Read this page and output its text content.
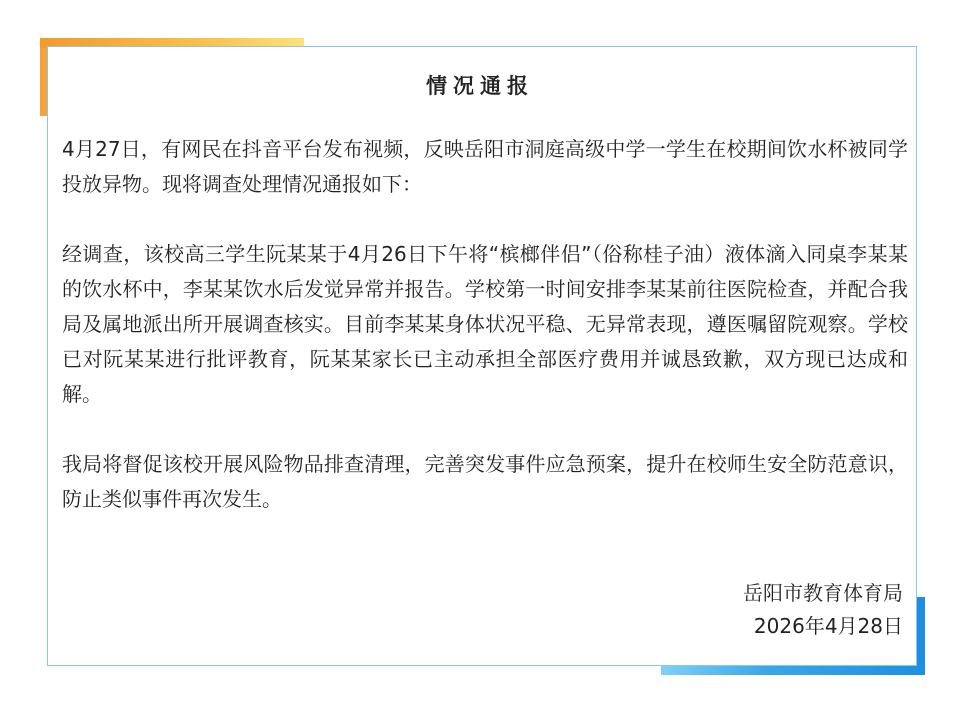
情况通报

4月27日，有网民在抖音平台发布视频，反映岳阳市洞庭高级中学一学生在校期间饮水杯被同学投放异物。现将调查处理情况通报如下：

经调查，该校高三学生阮某某于4月26日下午将“槟榔伴侣”（俗称桂子油）液体滴入同桌李某某的饮水杯中，李某某饮水后发觉异常并报告。学校第一时间安排李某某前往医院检查，并配合我局及属地派出所开展调查核实。目前李某某身体状况平稳、无异常表现，遵医嘱留院观察。学校已对阮某某进行批评教育，阮某某家长已主动承担全部医疗费用并诚恳致歉，双方现已达成和解。

我局将督促该校开展风险物品排查清理，完善突发事件应急预案，提升在校师生安全防范意识，防止类似事件再次发生。

岳阳市教育体育局
2026年4月28日
